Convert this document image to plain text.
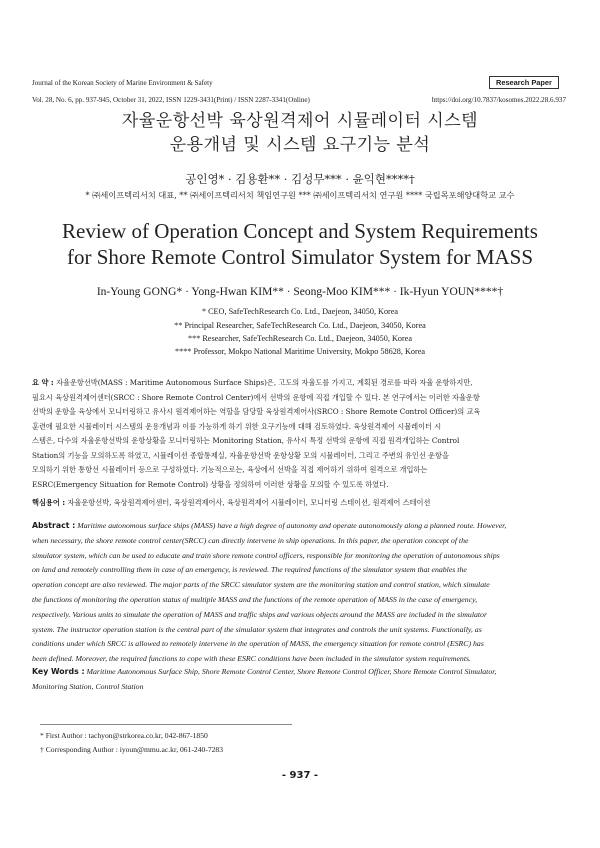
Journal of the Korean Society of Marine Environment & Safety	Research Paper
Vol. 28, No. 6, pp. 937-945, October 31, 2022, ISSN 1229-3431(Print) / ISSN 2287-3341(Online)	https://doi.org/10.7837/kosomes.2022.28.6.937
자율운항선박 육상원격제어 시뮬레이터 시스템
운용개념 및 시스템 요구기능 분석
공인영* · 김용환** · 김성무*** · 윤익현****†
* ㈜세이프텍리서치 대표, ** ㈜세이프텍리서치 책임연구원 *** ㈜세이프텍리서치 연구원 **** 국립목포해양대학교 교수
Review of Operation Concept and System Requirements
for Shore Remote Control Simulator System for MASS
In-Young GONG* · Yong-Hwan KIM** · Seong-Moo KIM*** · Ik-Hyun YOUN****†
* CEO, SafeTechResearch Co. Ltd., Daejeon, 34050, Korea
** Principal Researcher, SafeTechResearch Co. Ltd., Daejeon, 34050, Korea
*** Researcher, SafeTechResearch Co. Ltd., Daejeon, 34050, Korea
**** Professor, Mokpo National Maritime University, Mokpo 58628, Korea
요 약 : 자율운항선박(MASS : Maritime Autonomous Surface Ships)은, 고도의 자율도를 가지고, 계획된 경로를 따라 자율 운항하지만,
필요시 육상원격제어센터(SRCC : Shore Remote Control Center)에서 선박의 운항에 직접 개입할 수 있다. 본 연구에서는 이러한 자율운항
선박의 운항을 육상에서 모니터링하고 유사시 원격제어하는 역할을 담당할 육상원격제어사(SRCO : Shore Remote Control Officer)의 교육
훈련에 필요한 시뮬레이터 시스템의 운용개념과 이를 가능하게 하기 위한 요구기능에 대해 검토하였다. 육상원격제어 시뮬레이터 시
스템은, 다수의 자율운항선박의 운항상황을 모니터링하는 Monitoring Station, 유사시 특정 선박의 운항에 직접 원격개입하는 Control
Station의 기능을 모의하도록 하였고, 시뮬레이션 종합통제실, 자율운항선박 운항상황 모의 시뮬레이터, 그리고 주변의 유인선 운항을
모의하기 위한 통항선 시뮬레이터 등으로 구성하였다. 기능적으로는, 육상에서 선박을 직접 제어하기 위하여 원격으로 개입하는
ESRC(Emergency Situation for Remote Control) 상황을 정의하여 이러한 상황을 모의할 수 있도록 하였다.
핵심용어 : 자율운항선박, 육상원격제어센터, 육상원격제어사, 육상원격제어 시뮬레이터, 모니터링 스테이션, 원격제어 스테이션
Abstract : Maritime autonomous surface ships (MASS) have a high degree of autonomy and operate autonomously along a planned route. However,
when necessary, the shore remote control center(SRCC) can directly intervene in ship operations. In this paper, the operation concept of the
simulator system, which can be used to educate and train shore remote control officers, responsible for monitoring the operation of autonomous ships
on land and remotely controlling them in case of an emergency, is reviewed. The required functions of the simulator system that enables the
operation concept are also reviewed. The major parts of the SRCC simulator system are the monitoring station and control station, which simulate
the functions of monitoring the operation status of multiple MASS and the functions of the remote operation of MASS in the case of emergency,
respectively. Various units to simulate the operation of MASS and traffic ships and various objects around the MASS are included in the simulator
system. The instructor operation station is the central part of the simulator system that integrates and controls the unit systems. Functionally, as
conditions under which SRCC is allowed to remotely intervene in the operation of MASS, the emergency situation for remote control (ESRC) has
been defined. Moreover, the required functions to cope with these ESRC conditions have been included in the simulator system requirements.
Key Words : Maritime Autonomous Surface Ship, Shore Remote Control Center, Shore Remote Control Officer, Shore Remote Control Simulator,
Monitoring Station, Control Station
* First Author : tachyon@strkorea.co.kr, 042-867-1850
† Corresponding Author : iyoun@mmu.ac.kr, 061-240-7283
- 937 -
